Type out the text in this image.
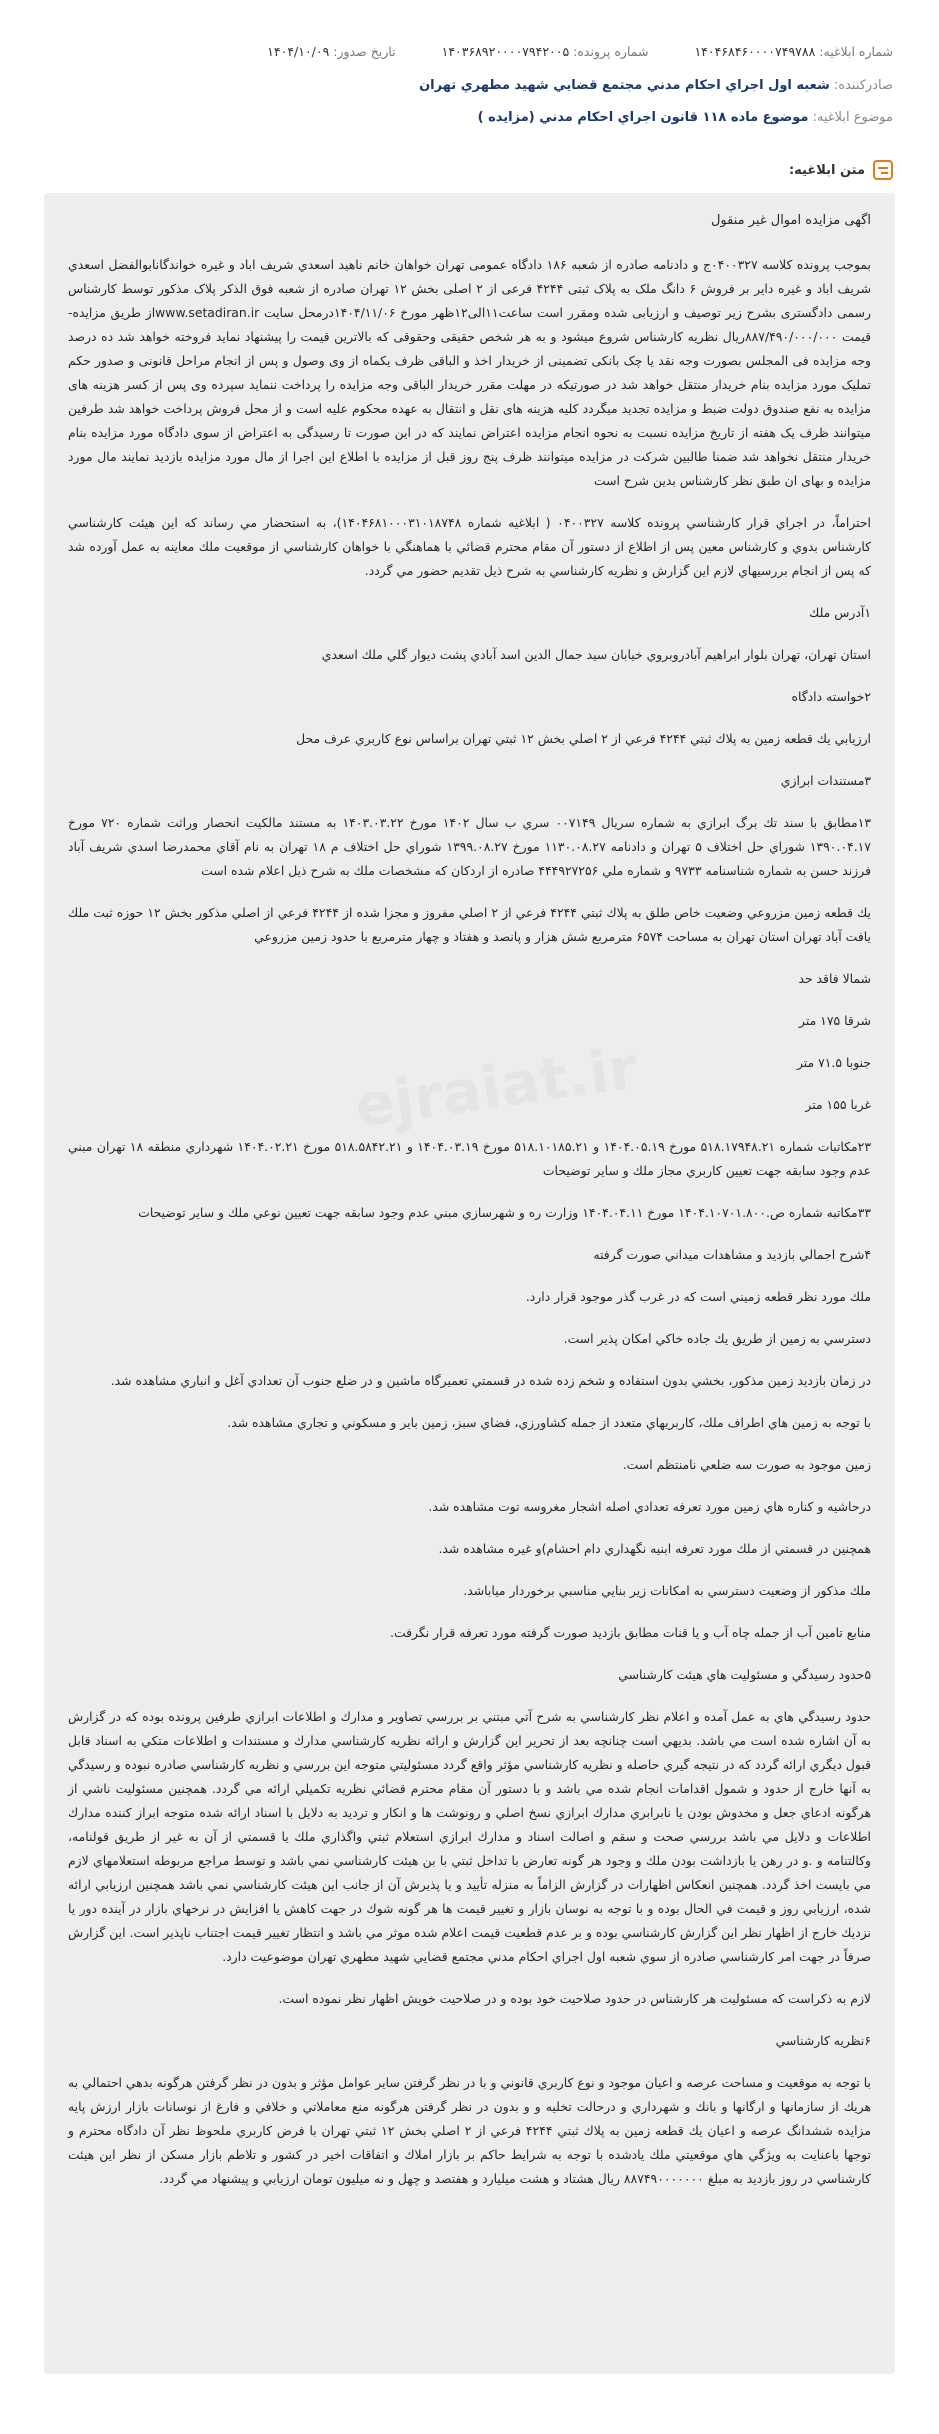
شماره ابلاغیه: ۱۴۰۴۶۸۴۶۰۰۰۰۷۴۹۷۸۸
شماره پرونده: ۱۴۰۳۶۸۹۲۰۰۰۰۷۹۴۲۰۰۵
تاریخ صدور: ۱۴۰۴/۱۰/۰۹
صادرکننده: شعبه اول اجراي احكام مدني مجتمع قضايي شهيد مطهري تهران
موضوع ابلاغیه: موضوع ماده ۱۱۸ قانون اجراي احكام مدني (مزايده )
متن ابلاغیه:

اگهی مزایده اموال غیر منقول

بموجب پرونده کلاسه ۰۴۰۰۳۲۷ج و دادنامه صادره از شعبه ۱۸۶ دادگاه عمومی تهران خواهان خانم ناهيد اسعدي شريف اباد و غيره خواندگانابوالفضل اسعدي شريف اباد و غيره داير بر فروش ۶ دانگ ملک به پلاک ثبتی ۴۲۴۴ فرعی از ۲ اصلی بخش ۱۲ تهران صادره از شعبه فوق الذکر پلاک مذکور توسط کارشناس رسمی دادگستری بشرح زیر توصیف و ارزیابی شده ومقرر است ساعت۱۱الی۱۲ظهر مورخ ۱۴۰۴/۱۱/۰۶درمحل سایت www.setadiran.irاز طریق مزایده- قیمت ۸۸۷/۴۹۰/۰۰۰/۰۰۰ریال نظریه کارشناس شروع میشود و به هر شخص حقیقی وحقوقی که بالاترین قیمت را پیشنهاد نماید فروخته خواهد شد ده درصد وجه مزایده فی المجلس بصورت وجه نقد یا چک بانکی تضمینی از خریدار اخذ و الباقی ظرف یکماه از وی وصول و پس از انجام مراحل قانونی و صدور حکم تملیک مورد مزایده بنام خریدار منتقل خواهد شد در صورتیکه در مهلت مقرر خریدار الباقی وجه مزایده را پرداخت ننماید سپرده وی پس از کسر هزینه های مزایده به نفع صندوق دولت ضبط و مزایده تجدید میگردد کلیه هزینه های نقل و انتقال به عهده محکوم علیه است و از محل فروش پرداخت خواهد شد طرفین میتوانند ظرف یک هفته از تاریخ مزایده نسبت به نحوه انجام مزایده اعتراض نمایند که در این صورت تا رسیدگی به اعتراض از سوی دادگاه مورد مزایده بنام خریدار منتقل نخواهد شد ضمنا طالبین شرکت در مزایده میتوانند ظرف پنج روز قبل از مزایده با اطلاع این اجرا از مال مورد مزایده بازدید نمایند مال مورد مزايده و بهای ان طبق نظر کارشناس بدین شرح است

احتراماً، در اجراي قرار كارشناسي پرونده كلاسه ۰۴۰۰۳۲۷ ( ابلاغيه شماره ۱۴۰۴۶۸۱۰۰۰۳۱۰۱۸۷۴۸)، به استحضار مي رساند كه اين هيئت كارشناسي كارشناس بدوي و كارشناس معين پس از اطلاع از دستور آن مقام محترم قضائي با هماهنگي با خواهان كارشناسي از موقعيت ملك معاينه به عمل آورده شد كه پس از انجام بررسيهاي لازم اين گزارش و نظريه كارشناسي به شرح ذيل تقديم حضور مي گردد.

۱آدرس ملك

استان تهران، تهران بلوار ابراهيم آبادروبروي خيابان سيد جمال الدين اسد آبادي پشت ديوار گلي ملك اسعدي

۲خواسته دادگاه

ارزيابي يك قطعه زمين به پلاك ثبتي ۴۲۴۴ فرعي از ۲ اصلي بخش ۱۲ ثبتي تهران براساس نوع كاربري عرف محل

۳مستندات ابرازي

۱۳مطابق با سند تك برگ ابرازي به شماره سريال ۰۰۷۱۴۹ سري ب سال ۱۴۰۲ مورخ ۱۴۰۳.۰۳.۲۲ به مستند مالكيت انحصار وراثت شماره ۷۲۰ مورخ ۱۳۹۰.۰۴.۱۷ شوراي حل اختلاف ۵ تهران و دادنامه ۱۱۳۰.۰۸.۲۷ مورخ ۱۳۹۹.۰۸.۲۷ شوراي حل اختلاف م ۱۸ تهران به نام آقاي محمدرضا اسدي شريف آباد فرزند حسن به شماره شناسنامه ۹۷۳۳ و شماره ملي ۴۴۴۹۲۷۲۵۶ صادره از اردكان كه مشخصات ملك به شرح ذيل اعلام شده است

يك قطعه زمين مزروعي وضعيت خاص طلق به پلاك ثبتي ۴۲۴۴ فرعي از ۲ اصلي مفروز و مجزا شده از ۴۲۴۴ فرعي از اصلي مذكور بخش ۱۲ حوزه ثبت ملك يافت آباد تهران استان تهران به مساحت ۶۵۷۴ مترمربع شش هزار و پانصد و هفتاد و چهار مترمربع با حدود زمين مزروعي

شمالا فاقد حد

شرقا ۱۷۵ متر

جنوبا ۷۱.۵ متر

غربا ۱۵۵ متر

۲۳مكاتبات شماره ۵۱۸.۱۷۹۴۸.۲۱ مورخ ۱۴۰۴.۰۵.۱۹ و ۵۱۸.۱۰۱۸۵.۲۱ مورخ ۱۴۰۴.۰۳.۱۹ و ۵۱۸.۵۸۴۲.۲۱ مورخ ۱۴۰۴.۰۲.۲۱ شهرداري منطقه ۱۸ تهران مبني عدم وجود سابقه جهت تعيين كاربري مجاز ملك و ساير توضيحات

۳۳مكاتبه شماره ص.۱۴۰۴.۱۰۷۰۱.۸۰۰ مورخ ۱۴۰۴.۰۴.۱۱ وزارت ره و شهرسازي مبني عدم وجود سابقه جهت تعيين نوعي ملك و ساير توضيحات

۴شرح اجمالي بازديد و مشاهدات ميداني صورت گرفته

ملك مورد نظر قطعه زميني است كه در غرب گذر موجود قرار دارد.

دسترسي به زمين از طريق يك جاده خاكي امكان پذير است.

در زمان بازديد زمين مذكور، بخشي بدون استفاده و شخم زده شده در قسمتي تعميرگاه ماشين و در ضلع جنوب آن تعدادي آغل و انباري مشاهده شد.

با توجه به زمين هاي اطراف ملك، كاربريهاي متعدد از جمله كشاورزي، فضاي سبز، زمين باير و مسكوني و تجاري مشاهده شد.

زمين موجود به صورت سه ضلعي نامنتظم است.

درحاشيه و كناره هاي زمين مورد تعرفه تعدادي اصله اشجار مغروسه توت مشاهده شد.

همچنين در قسمتي از ملك مورد تعرفه ابنيه نگهداري دام احشام)و غيره مشاهده شد.

ملك مذكور از وضعيت دسترسي به امكانات زير بنايي مناسبي برخوردار مياباشد.

منابع تامين آب از جمله چاه آب و يا قنات مطابق بازديد صورت گرفته مورد تعرفه قرار نگرفت.

۵حدود رسيدگي و مسئوليت هاي هيئت كارشناسي

حدود رسيدگي هاي به عمل آمده و اعلام نظر كارشناسي به شرح آتي مبتني بر بررسي تصاوير و مدارك و اطلاعات ابرازي طرفين پرونده بوده كه در گزارش به آن اشاره شده است مي باشد. بديهي است چنانچه بعد از تحرير اين گزارش و ارائه نظريه كارشناسي مدارك و مستندات و اطلاعات متكي به اسناد قابل قبول ديگري ارائه گردد كه در نتيجه گيري حاصله و نظريه كارشناسي مؤثر واقع گردد مسئوليتي متوجه اين بررسي و نظريه كارشناسي صادره نبوده و رسيدگي به آنها خارج از حدود و شمول اقدامات انجام شده مي باشد و با دستور آن مقام محترم قضائي نظريه تكميلي ارائه مي گردد. همچنين مسئوليت ناشي از هرگونه ادعاي جعل و مخدوش بودن يا نابرابري مدارك ابرازي نسخ اصلي و رونوشت ها و انكار و ترديد به دلايل با اسناد ارائه شده متوجه ابراز كننده مدارك اطلاعات و دلايل مي باشد بررسي صحت و سقم و اصالت اسناد و مدارك ابرازي استعلام ثبتي واگذاري ملك يا قسمتي از آن به غير از طريق قولنامه، وكالتنامه و .و در رهن يا بازداشت بودن ملك و وجود هر گونه تعارض با تداخل ثبتي با بن هيئت كارشناسي نمي باشد و توسط مراجع مربوطه استعلامهاي لازم مي بايست اخذ گردد. همچنين انعكاس اظهارات در گزارش الزاماً به منزله تأييد و يا پذيرش آن از جانب اين هيئت كارشناسي نمي باشد همچنين ارزيابي ارائه شده، ارزيابي روز و قيمت في الحال بوده و با توجه به نوسان بازار و تغيير قيمت ها هر گونه شوك در جهت كاهش يا افزايش در نرخهاي بازار در آينده دور يا نزديك خارج از اظهار نظر اين گزارش كارشناسي بوده و بر عدم قطعيت قيمت اعلام شده موثر مي باشد و انتظار تغيير قيمت اجتناب ناپذير است. اين گزارش صرفاً در جهت امر كارشناسي صادره از سوي شعبه اول اجراي احكام مدني مجتمع قضايي شهيد مطهري تهران موضوعيت دارد.

لازم به ذكراست كه مسئوليت هر كارشناس در حدود صلاحيت خود بوده و در صلاحيت خويش اظهار نظر نموده است.

۶نظريه كارشناسي

با توجه به موقعيت و مساحت عرصه و اعيان موجود و نوع كاربري قانوني و با در نظر گرفتن ساير عوامل مؤثر و بدون در نظر گرفتن هرگونه بدهي احتمالي به هريك از سازمانها و ارگانها و بانك و شهرداري و درحالت تخليه و و بدون در نظر گرفتن هرگونه منع معاملاتي و خلافي و فارغ از نوسانات بازار ارزش پايه مزايده ششدانگ عرصه و اعيان يك قطعه زمين به پلاك ثبتي ۴۲۴۴ فرعي از ۲ اصلي بخش ۱۲ ثبتي تهران با فرض كاربري ملحوظ نظر آن دادگاه محترم و توجها باعنايت به ويژگي هاي موقعيتي ملك يادشده با توجه به شرايط حاكم بر بازار املاك و اتفاقات اخير در كشور و تلاطم بازار مسكن از نظر اين هيئت كارشناسي در روز بازديد به مبلغ ۸۸۷۴۹۰۰۰۰۰۰۰ ريال هشتاد و هشت ميليارد و هفتصد و چهل و نه ميليون تومان ارزيابي و پيشنهاد مي گردد.
